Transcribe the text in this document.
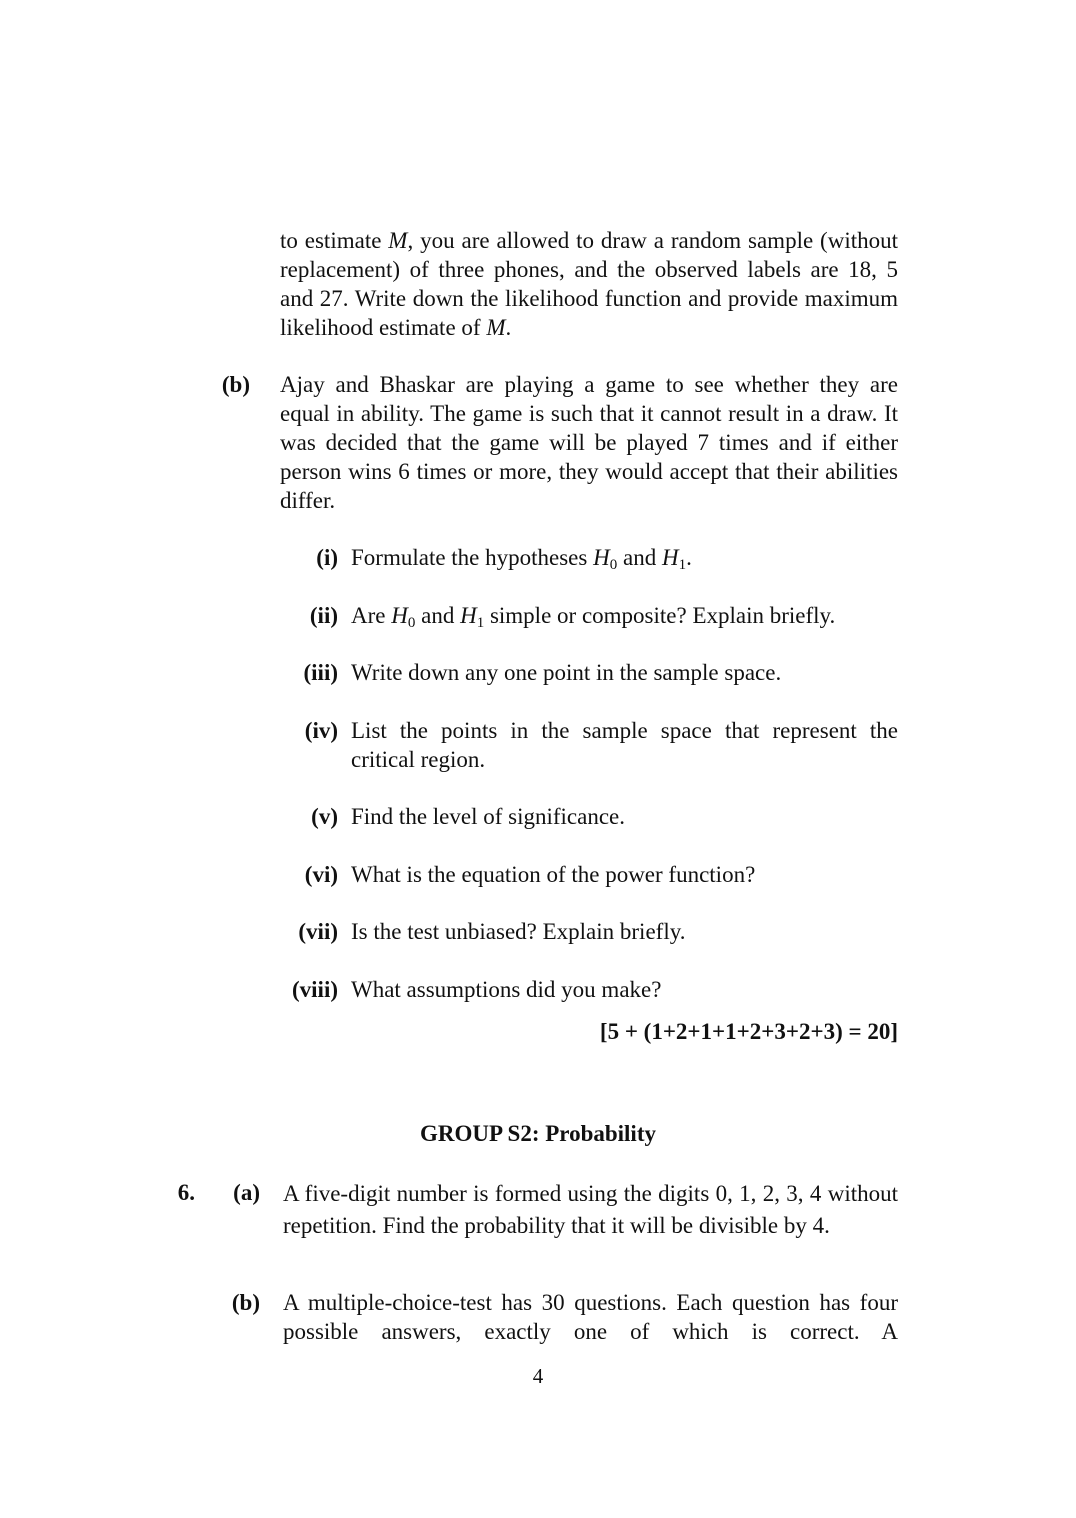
to estimate M, you are allowed to draw a random sample (without replacement) of three phones, and the observed labels are 18, 5 and 27. Write down the likelihood function and provide maximum likelihood estimate of M.
(b) Ajay and Bhaskar are playing a game to see whether they are equal in ability. The game is such that it cannot result in a draw. It was decided that the game will be played 7 times and if either person wins 6 times or more, they would accept that their abilities differ.
(i) Formulate the hypotheses $H_0$ and $H_1$.
(ii) Are $H_0$ and $H_1$ simple or composite? Explain briefly.
(iii) Write down any one point in the sample space.
(iv) List the points in the sample space that represent the critical region.
(v) Find the level of significance.
(vi) What is the equation of the power function?
(vii) Is the test unbiased? Explain briefly.
(viii) What assumptions did you make?
[5 + (1+2+1+1+2+3+2+3) = 20]
GROUP S2: Probability
6.	(a) A five-digit number is formed using the digits 0, 1, 2, 3, 4 without repetition. Find the probability that it will be divisible by 4.
(b) A multiple-choice-test has 30 questions. Each question has four possible answers, exactly one of which is correct. A
4
